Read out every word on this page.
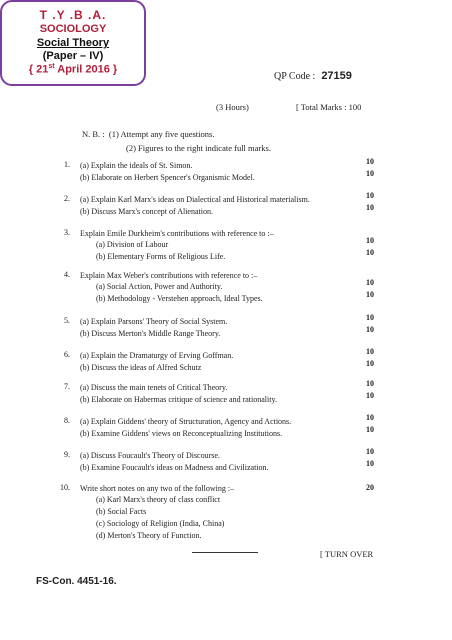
T .Y .B .A.
SOCIOLOGY
Social Theory
(Paper – IV)
{ 21st April 2016 }
QP Code : 27159
(3 Hours)	[ Total Marks : 100
N. B. : (1) Attempt any five questions.
(2) Figures to the right indicate full marks.
1. (a) Explain the ideals of St. Simon.	10
(b) Elaborate on Herbert Spencer's Organismic Model.	10
2. (a) Explain Karl Marx's ideas on Dialectical and Historical materialism.	10
(b) Discuss Marx's concept of Alienation.	10
3. Explain Emile Durkheim's contributions with reference to :–
(a) Division of Labour	10
(b) Elementary Forms of Religious Life.	10
4. Explain Max Weber's contributions with reference to :–
(a) Social Action, Power and Authority.	10
(b) Methodology - Verstehen approach, Ideal Types.	10
5. (a) Explain Parsons' Theory of Social System.	10
(b) Discuss Merton's Middle Range Theory.	10
6. (a) Explain the Dramaturgy of Erving Goffman.	10
(b) Discuss the ideas of Alfred Schutz	10
7. (a) Discuss the main tenets of Critical Theory.	10
(b) Elaborate on Habermas critique of science and rationality.	10
8. (a) Explain Giddens' theory of Structuration, Agency and Actions.	10
(b) Examine Giddens' views on Reconceptualizing Institutions.	10
9. (a) Discuss Foucault's Theory of Discourse.	10
(b) Examine Foucault's ideas on Madness and Civilization.	10
10. Write short notes on any two of the following :–	20
(a) Karl Marx's theory of class conflict
(b) Social Facts
(c) Sociology of Religion (India, China)
(d) Merton's Theory of Function.
[ TURN OVER
FS-Con. 4451-16.
